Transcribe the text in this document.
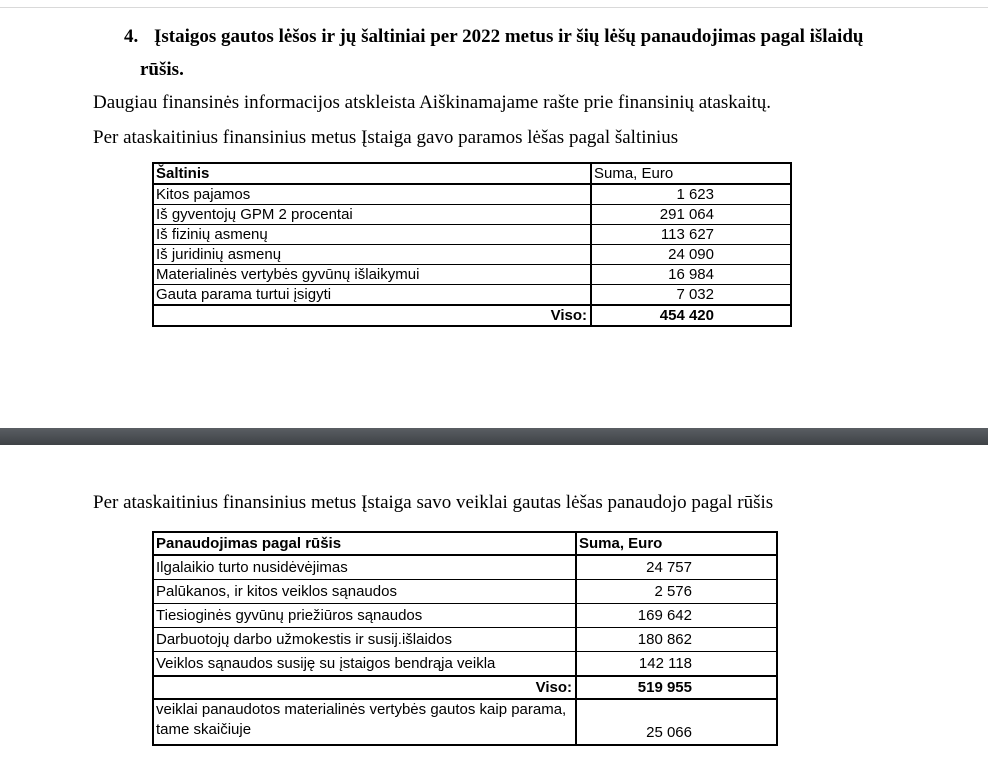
4. Įstaigos gautos lėšos ir jų šaltiniai per 2022 metus ir šių lėšų panaudojimas pagal išlaidų
rūšis.
Daugiau finansinės informacijos atskleista Aiškinamajame rašte prie finansinių ataskaitų.
Per ataskaitinius finansinius metus Įstaiga gavo paramos lėšas pagal šaltinius
Šaltinis	Suma, Euro
Kitos pajamos	1 623
Iš gyventojų GPM 2 procentai	291 064
Iš fizinių asmenų	113 627
Iš juridinių asmenų	24 090
Materialinės vertybės gyvūnų išlaikymui	16 984
Gauta parama turtui įsigyti	7 032
Viso:	454 420
Per ataskaitinius finansinius metus Įstaiga savo veiklai gautas lėšas panaudojo pagal rūšis
Panaudojimas pagal rūšis	Suma, Euro
Ilgalaikio turto nusidėvėjimas	24 757
Palūkanos, ir kitos veiklos sąnaudos	2 576
Tiesioginės gyvūnų priežiūros sąnaudos	169 642
Darbuotojų darbo užmokestis ir susij.išlaidos	180 862
Veiklos sąnaudos susiję su įstaigos bendrąja veikla	142 118
Viso:	519 955
veiklai panaudotos materialinės vertybės gautos kaip parama, tame skaičiuje	25 066
